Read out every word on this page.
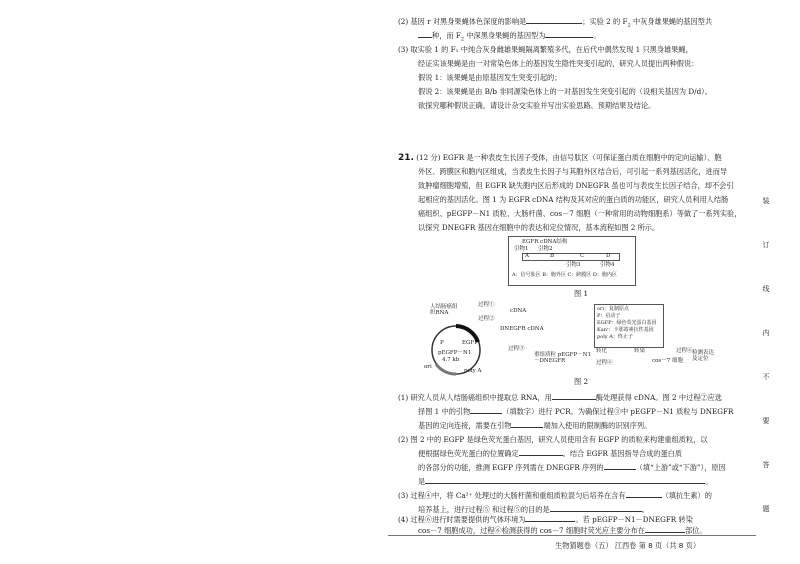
(2) 基因 r 对黑身果蝇体色深度的影响是	；实验 2 的 $F_2$ 中灰身雄果蝇的基因型共
种，而 $F_2$ 中深黑身果蝇的基因型为	。
(3) 取实验 1 的 F₁ 中纯合灰身雌雄果蝇隔离繁殖多代，在后代中偶然发现 1 只黑身雄果蝇，
经证实该果蝇是由一对常染色体上的基因发生隐性突变引起的，研究人员提出两种假说：
假说 1：该果蝇是由原基因发生突变引起的；
假说 2：该果蝇是由 B/b 非同源染色体上的一对基因发生突变引起的（设相关基因为 D/d）。
欲探究哪种假说正确，请设计杂交实验并写出实验思路、预期结果及结论。
21. (12 分) EGFR 是一种表皮生长因子受体，由信号肽区（可保证蛋白质在细胞中的定向运输）、胞
外区、跨膜区和胞内区组成，当表皮生长因子与其胞外区结合后，可引起一系列基因活化，进而导
致肿瘤细胞增殖，但 EGFR 缺失胞内区后形成的 DNEGFR 虽也可与表皮生长因子结合，却不会引
起相应的基因活化。图 1 为 EGFR cDNA 结构及其对应的蛋白质的功能区，研究人员利用人结肠
癌组织、pEGFP－N1 质粒、大肠杆菌、cos－7 细胞（一种常用的动物细胞系）等做了一系列实验，
以探究 DNEGFR 基因在细胞中的表达和定位情况，基本流程如图 2 所示。
EGFR cDNA结构
引物1 引物2
A	B	C	D
引物3	引物4
A：信号肽区 B：胞外区 C：跨膜区 D：胞内区
图 1
人结肠癌组织RNA
过程①
cDNA
过程②
DNEGFR cDNA
P
pEGFP－N1
4.7 kb
EGFP
ori
poly A
过程③
重组质粒 pEGFP－N1－DNEGFR
转化
过程④
转染
cos－7 细胞
过程⑥ 检测表达 及定位
ori：复制原点
P：启动子
EGFP：绿色荧光蛋白基因
Kanʳ：卡那霉素抗性基因
poly A：终止子
图 2
(1) 研究人员从人结肠癌组织中提取总 RNA，用	酶处理获得 cDNA。图 2 中过程②应选
择图 1 中的引物	（填数字）进行 PCR。为确保过程③中 pEGFP－N1 质粒与 DNEGFR
基因的定向连接，需要在引物	端加入使用的限制酶的识别序列。
(2) 图 2 中的 EGFP 是绿色荧光蛋白基因，研究人员使用含有 EGFP 的质粒来构建重组质粒，以
便根据绿色荧光蛋白的位置确定	。结合 EGFR 基因指导合成的蛋白质
的各部分的功能，推测 EGFP 序列需在 DNEGFR 序列的	（填“上游”或“下游”），原因
是	。
(3) 过程④中，将 Ca²⁺ 处理过的大肠杆菌和重组质粒混匀后培养在含有	（填抗生素）的
培养基上，进行过程⑤ 和过程⑤的目的是	。
(4) 过程⑥进行时需要提供的气体环境为	。若 pEGFP－N1－DNEGFR 转染
cos－7 细胞成功，过程⑥检测获得的 cos－7 细胞时荧光应主要分布在	部位。
生物猜题卷（五） 江西卷 第 8 页（共 8 页）
装
订
线
内
不
要
答
题
